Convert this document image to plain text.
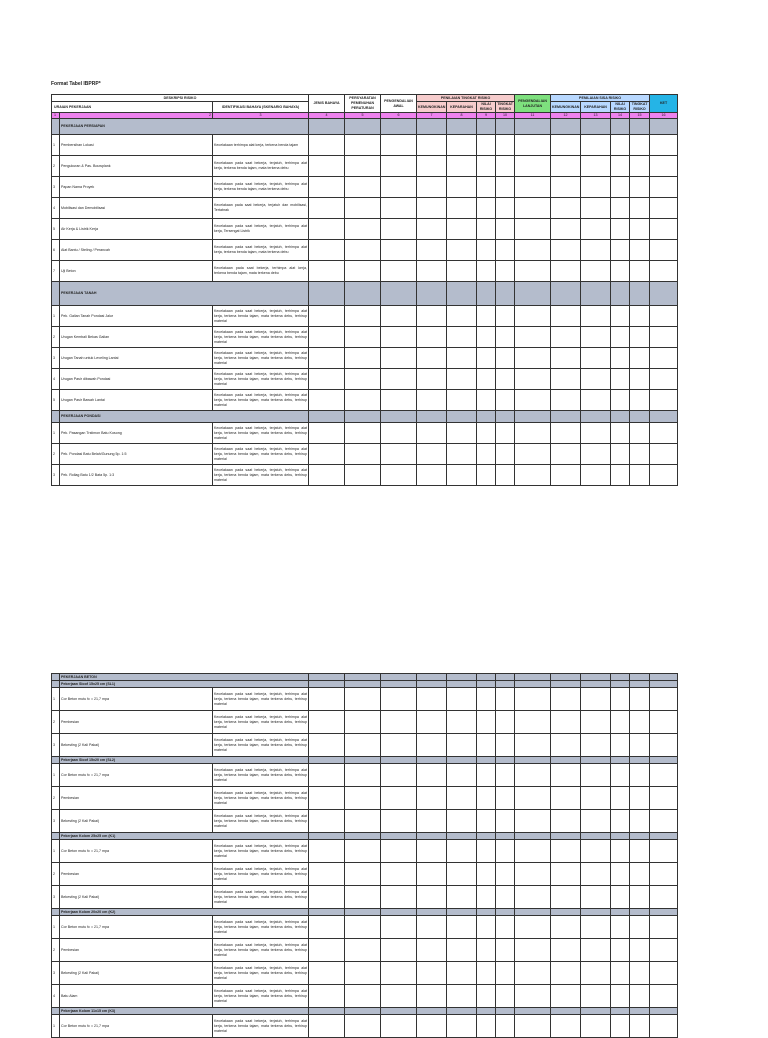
Format Tabel IBPRP*
DESKRIPSI RISIKO			JENIS BAHAYA	PERSYARATAN PEMENUHAN PERATURAN	PENGENDALIAN AWAL	PENILAIAN TINGKAT RISIKO				PENGENDALIAN LANJUTAN	PENILAIAN SISA RISIKO				KET
URAIAN PEKERJAAN		IDENTIFIKASI BAHAYA (SKENARIO BAHAYA)				KEMUNGKINAN	KEPARAHAN	NILAI RISIKO	TINGKAT RISIKO		KEMUNGKINAN	KEPARAHAN	NILAI RISIKO	TINGKAT RISIKO	
1	2	3	4	5	6	7	8	9	10	11	12	13	14	15	16
	PEKERJAAN PERSIAPAN														
1	Pembersihan Lokasi	Kecelakaan terhimpa alat kerja, terkena benda tajam													
2	Pengukuran & Pas. Bouwplank	Kecelakaan pada saat bekerja, terjatuh, terhimpa alat kerja, terkena benda tajam, mata terkena debu													
3	Papan Nama Proyek	Kecelakaan pada saat bekerja, terjatuh, terhimpa alat kerja, terkena benda tajam, mata terkena debu													
4	Mobilisasi dan Demobilisasi	Kecelakaan pada saat bekerja, terjatuh dan mobilisasi, Tertabrak													
5	Air Kerja & Listrik Kerja	Kecelakaan pada saat bekerja, terjatuh, terhimpa alat kerja, Tersengat Listrik													
6	Alat Bantu / Steling / Perancah	Kecelakaan pada saat bekerja, terjatuh, terhimpa alat kerja, terkena benda tajam, mata terkena debu													
7	Uji Beton	Kecelakaan pada saat bekerja, terhimpa alat kerja, terkena benda tajam, mata terkena debu													
	PEKERJAAN TANAH														
1	Pek. Galian Tanah Pondasi Jalur	Kecelakaan pada saat bekerja, terjatuh, terhimpa alat kerja, terkena benda tajam, mata terkena debu, terhirup material													
2	Urugan Kembali Bekas Galian	Kecelakaan pada saat bekerja, terjatuh, terhimpa alat kerja, terkena benda tajam, mata terkena debu, terhirup material													
3	Urugan Tanah untuk Leveling Lantai	Kecelakaan pada saat bekerja, terjatuh, terhimpa alat kerja, terkena benda tajam, mata terkena debu, terhirup material													
4	Urugan Pasir dibawah Pondasi	Kecelakaan pada saat bekerja, terjatuh, terhimpa alat kerja, terkena benda tajam, mata terkena debu, terhirup material													
5	Urugan Pasir Bawah Lantai	Kecelakaan pada saat bekerja, terjatuh, terhimpa alat kerja, terkena benda tajam, mata terkena debu, terhirup material													
	PEKERJAAN PONDASI														
1	Pek. Pasangan Trstimon Batu Kosong	Kecelakaan pada saat bekerja, terjatuh, terhimpa alat kerja, terkena benda tajam, mata terkena debu, terhirup material													
2	Pek. Pondasi Batu Belah/Gunung 5p. 1:5	Kecelakaan pada saat bekerja, terjatuh, terhimpa alat kerja, terkena benda tajam, mata terkena debu, terhirup material													
3	Pek. Rollag Batu 1/2 Bata 5p. 1:3	Kecelakaan pada saat bekerja, terjatuh, terhimpa alat kerja, terkena benda tajam, mata terkena debu, terhirup material													
	PEKERJAAN BETON														
	Pekerjaan Sloof 15x25 cm (SL1)														
1	Cor Beton mutu fc = 21,7 mpa	Kecelakaan pada saat bekerja, terjatuh, terhimpa alat kerja, terkena benda tajam, mata terkena debu, terhirup material													
2	Pembesian	Kecelakaan pada saat bekerja, terjatuh, terhimpa alat kerja, terkena benda tajam, mata terkena debu, terhirup material													
3	Bekesting (2 Kali Pakai)	Kecelakaan pada saat bekerja, terjatuh, terhimpa alat kerja, terkena benda tajam, mata terkena debu, terhirup material													
	Pekerjaan Sloof 15x20 cm (SL2)														
1	Cor Beton mutu fc = 21,7 mpa	Kecelakaan pada saat bekerja, terjatuh, terhimpa alat kerja, terkena benda tajam, mata terkena debu, terhirup material													
2	Pembesian	Kecelakaan pada saat bekerja, terjatuh, terhimpa alat kerja, terkena benda tajam, mata terkena debu, terhirup material													
3	Bekesting (2 Kali Pakai)	Kecelakaan pada saat bekerja, terjatuh, terhimpa alat kerja, terkena benda tajam, mata terkena debu, terhirup material													
	Pekerjaan Kolom 25x25 cm (K1)														
1	Cor Beton mutu fc = 21,7 mpa	Kecelakaan pada saat bekerja, terjatuh, terhimpa alat kerja, terkena benda tajam, mata terkena debu, terhirup material													
2	Pembesian	Kecelakaan pada saat bekerja, terjatuh, terhimpa alat kerja, terkena benda tajam, mata terkena debu, terhirup material													
3	Bekesting (2 Kali Pakai)	Kecelakaan pada saat bekerja, terjatuh, terhimpa alat kerja, terkena benda tajam, mata terkena debu, terhirup material													
	Pekerjaan Kolom 20x20 cm (K2)														
1	Cor Beton mutu fc = 21,7 mpa	Kecelakaan pada saat bekerja, terjatuh, terhimpa alat kerja, terkena benda tajam, mata terkena debu, terhirup material													
2	Pembesian	Kecelakaan pada saat bekerja, terjatuh, terhimpa alat kerja, terkena benda tajam, mata terkena debu, terhirup material													
3	Bekesting (2 Kali Pakai)	Kecelakaan pada saat bekerja, terjatuh, terhimpa alat kerja, terkena benda tajam, mata terkena debu, terhirup material													
4	Batu Alam	Kecelakaan pada saat bekerja, terjatuh, terhimpa alat kerja, terkena benda tajam, mata terkena debu, terhirup material													
	Pekerjaan Kolom 11x15 cm (K3)														
1	Cor Beton mutu fc = 21,7 mpa	Kecelakaan pada saat bekerja, terjatuh, terhimpa alat kerja, terkena benda tajam, mata terkena debu, terhirup material													
